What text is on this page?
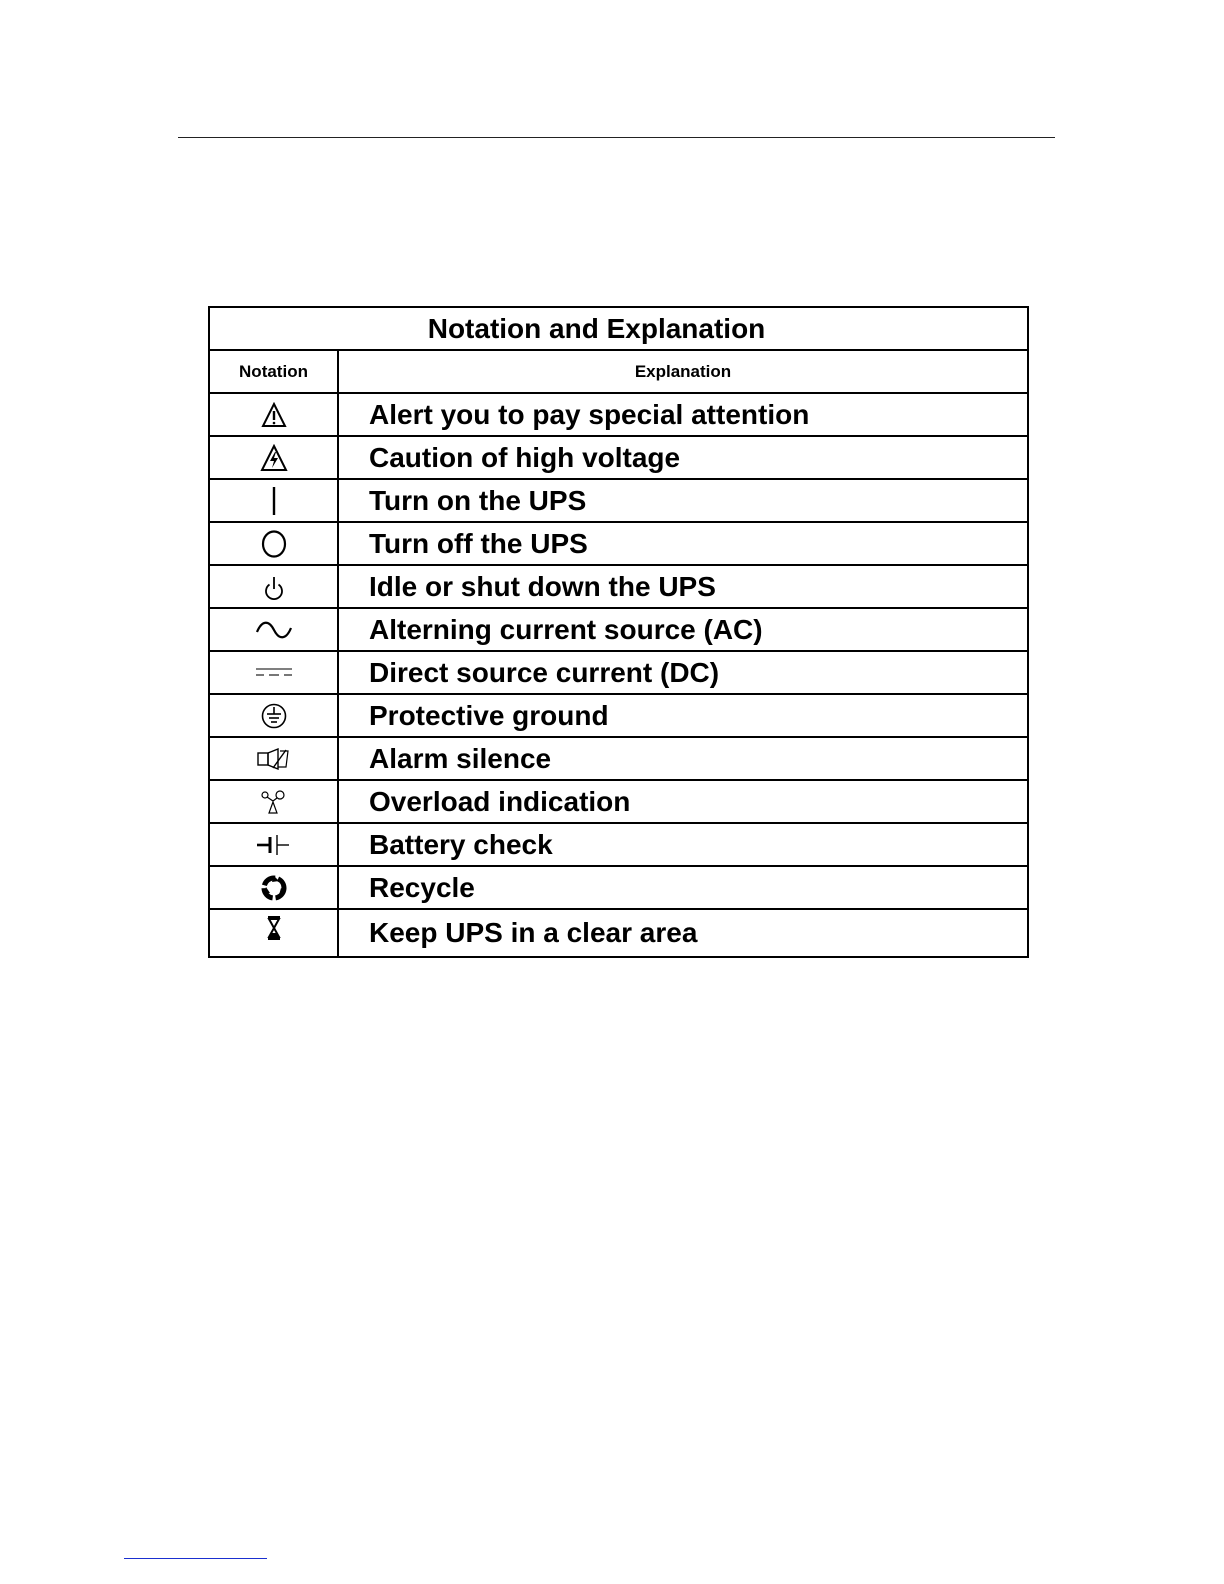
Notation and Explanation	
Notation	Explanation
	Alert you to pay special attention
	Caution of high voltage
	Turn on the UPS
	Turn off the UPS
	Idle or shut down the UPS
	Alterning current source (AC)
	Direct source current (DC)
	Protective ground
	Alarm silence
	Overload indication
	Battery check
	Recycle
	Keep UPS in a clear area
